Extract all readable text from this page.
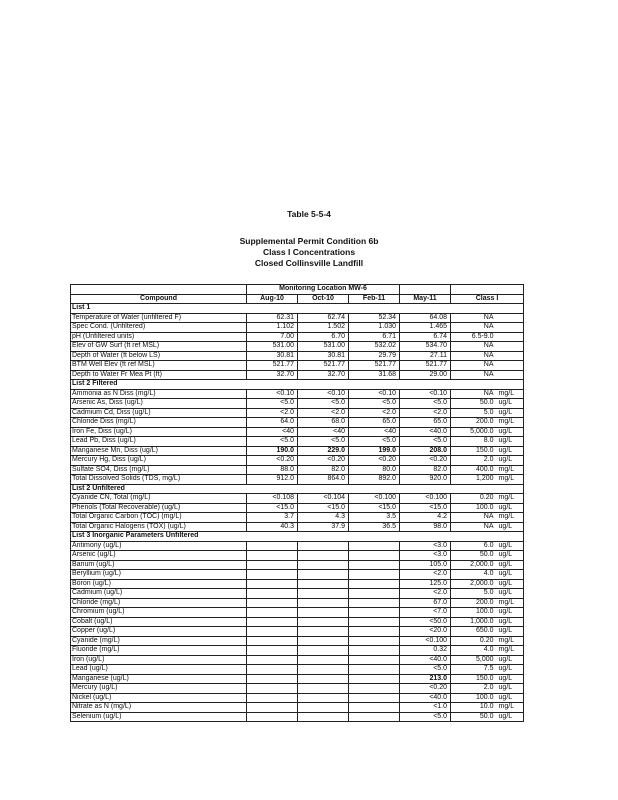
Table 5-5-4
Supplemental Permit Condition 6b
Class I Concentrations
Closed Collinsville Landfill
	Monitoring Location MW-6					
Compound	Aug-10	Oct-10	Feb-11	May-11	Class I	
List 1						
Temperature of Water (unfiltered F)	62.31	62.74	52.34	64.08	NA	
Spec Cond. (Unfiltered)	1.102	1.502	1.030	1.465	NA	
pH (Unfiltered units)	7.00	6.70	6.71	6.74	6.5-9.0	
Elev of GW Surf (ft ref MSL)	531.00	531.00	532.02	534.70	NA	
Depth of Water (ft below LS)	30.81	30.81	29.79	27.11	NA	
BTM Well Elev (ft ref MSL)	521.77	521.77	521.77	521.77	NA	
Depth to Water Fr Mea Pt (ft)	32.70	32.70	31.68	29.00	NA	
List 2 Filtered						
Ammonia as N Diss (mg/L)	<0.10	<0.10	<0.10	<0.10	NA	mg/L
Arsenic As, Diss (ug/L)	<5.0	<5.0	<5.0	<5.0	50.0	ug/L
Cadmium Cd, Diss (ug/L)	<2.0	<2.0	<2.0	<2.0	5.0	ug/L
Chloride Diss (mg/L)	64.0	68.0	65.0	65.0	200.0	mg/L
Iron Fe, Diss (ug/L)	<40	<40	<40	<40.0	5,000.0	ug/L
Lead Pb, Diss (ug/L)	<5.0	<5.0	<5.0	<5.0	8.0	ug/L
Manganese Mn, Diss (ug/L)	190.0	229.0	199.0	208.0	150.0	ug/L
Mercury Hg, Diss (ug/L)	<0.20	<0.20	<0.20	<0.20	2.0	ug/L
Sulfate SO4, Diss (mg/L)	88.0	82.0	80.0	82.0	400.0	mg/L
Total Dissolved Solids (TDS, mg/L)	912.0	864.0	892.0	920.0	1,200	mg/L
List 2 Unfiltered						
Cyanide CN, Total (mg/L)	<0.108	<0.104	<0.100	<0.100	0.20	mg/L
Phenols (Total Recoverable) (ug/L)	<15.0	<15.0	<15.0	<15.0	100.0	ug/L
Total Organic Carbon (TOC) (mg/L)	3.7	4.3	3.5	4.2	NA	mg/L
Total Organic Halogens (TOX) (ug/L)	40.3	37.9	36.5	98.0	NA	ug/L
List 3 Inorganic Parameters Unfiltered						
Antimony (ug/L)				<3.0	6.0	ug/L
Arsenic (ug/L)				<3.0	50.0	ug/L
Barium (ug/L)				105.0	2,000.0	ug/L
Beryllium (ug/L)				<2.0	4.0	ug/L
Boron (ug/L)				125.0	2,000.0	ug/L
Cadmium (ug/L)				<2.0	5.0	ug/L
Chloride (mg/L)				67.0	200.0	mg/L
Chromium (ug/L)				<7.0	100.0	ug/L
Cobalt (ug/L)				<50.0	1,000.0	ug/L
Copper (ug/L)				<20.0	650.0	ug/L
Cyanide (mg/L)				<0.100	0.20	mg/L
Fluoride (mg/L)				0.32	4.0	mg/L
Iron (ug/L)				<40.0	5,000	ug/L
Lead (ug/L)				<5.0	7.5	ug/L
Manganese (ug/L)				213.0	150.0	ug/L
Mercury (ug/L)				<0.20	2.0	ug/L
Nickel (ug/L)				<40.0	100.0	ug/L
Nitrate as N (mg/L)				<1.0	10.0	mg/L
Selenium (ug/L)				<5.0	50.0	ug/L
